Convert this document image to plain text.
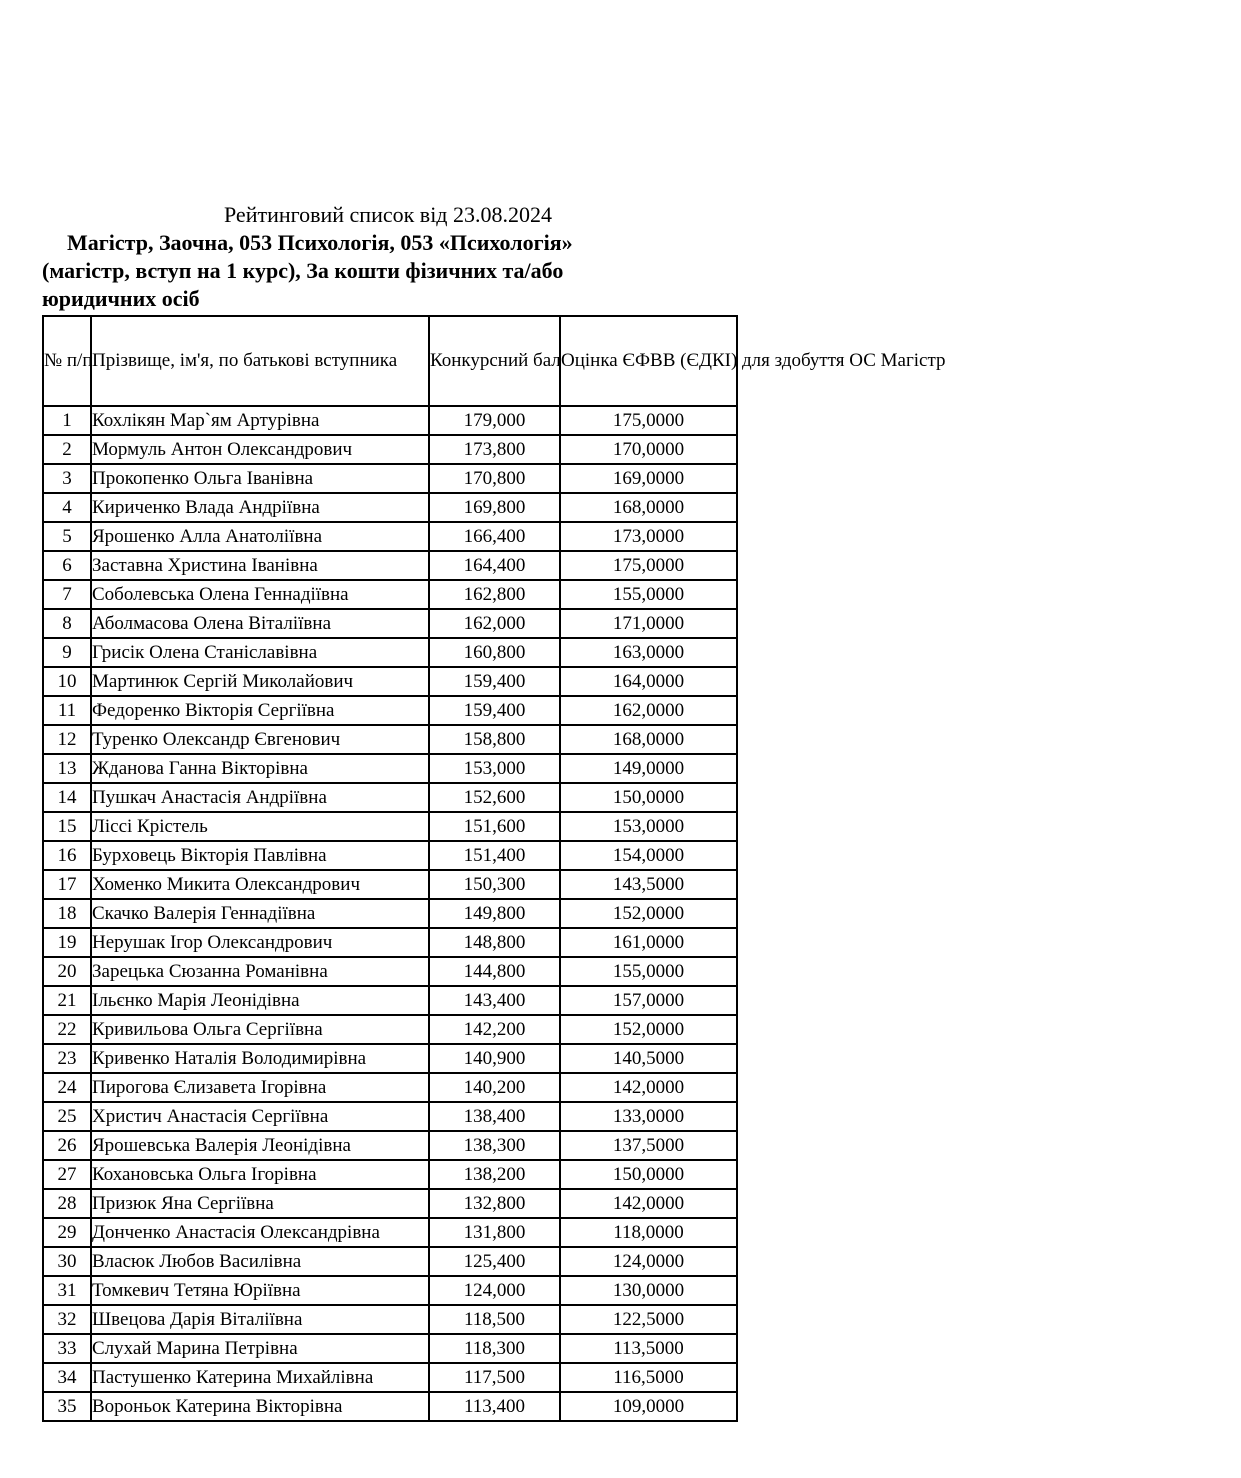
Рейтинговий список від 23.08.2024
Магістр, Заочна, 053 Психологія, 053 «Психологія» (магістр, вступ на 1 курс), За кошти фізичних та/або юридичних осіб
№ п/п	Прізвище, ім'я, по батькові вступника	Конкурсний бал	Оцінка ЄФВВ (ЄДКІ) для здобуття ОС Магістр
1	Кохлікян Мар`ям Артурівна	179,000	175,0000
2	Мормуль Антон Олександрович	173,800	170,0000
3	Прокопенко Ольга Іванівна	170,800	169,0000
4	Кириченко Влада Андріївна	169,800	168,0000
5	Ярошенко Алла Анатоліївна	166,400	173,0000
6	Заставна Христина Іванівна	164,400	175,0000
7	Соболевська Олена Геннадіївна	162,800	155,0000
8	Аболмасова Олена Віталіївна	162,000	171,0000
9	Грисік Олена Станіславівна	160,800	163,0000
10	Мартинюк Сергій Миколайович	159,400	164,0000
11	Федоренко Вікторія Сергіївна	159,400	162,0000
12	Туренко Олександр Євгенович	158,800	168,0000
13	Жданова Ганна Вікторівна	153,000	149,0000
14	Пушкач Анастасія Андріївна	152,600	150,0000
15	Ліссі Крістель	151,600	153,0000
16	Бурховець Вікторія Павлівна	151,400	154,0000
17	Хоменко Микита Олександрович	150,300	143,5000
18	Скачко Валерія Геннадіївна	149,800	152,0000
19	Нерушак Ігор Олександрович	148,800	161,0000
20	Зарецька Сюзанна Романівна	144,800	155,0000
21	Ільєнко Марія Леонідівна	143,400	157,0000
22	Кривильова Ольга Сергіївна	142,200	152,0000
23	Кривенко Наталія Володимирівна	140,900	140,5000
24	Пирогова Єлизавета Ігорівна	140,200	142,0000
25	Христич Анастасія Сергіївна	138,400	133,0000
26	Ярошевська Валерія Леонідівна	138,300	137,5000
27	Кохановська Ольга Ігорівна	138,200	150,0000
28	Призюк Яна Сергіївна	132,800	142,0000
29	Донченко Анастасія Олександрівна	131,800	118,0000
30	Власюк Любов Василівна	125,400	124,0000
31	Томкевич Тетяна Юріївна	124,000	130,0000
32	Швецова Дарія Віталіївна	118,500	122,5000
33	Слухай Марина Петрівна	118,300	113,5000
34	Пастушенко Катерина Михайлівна	117,500	116,5000
35	Вороньок Катерина Вікторівна	113,400	109,0000
